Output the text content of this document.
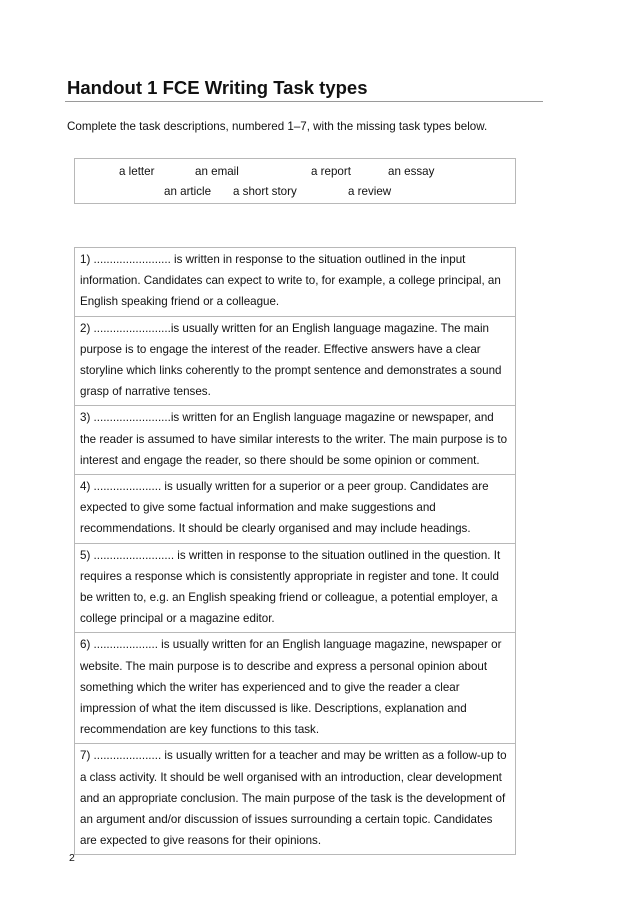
Handout 1 FCE Writing Task types

Complete the task descriptions, numbered 1–7, with the missing task types below.

a letter	an email	a report	an essay
an article a short story	a review
1) ........................ is written in response to the situation outlined in the input information. Candidates can expect to write to, for example, a college principal, an English speaking friend or a colleague.
2) ........................is usually written for an English language magazine. The main purpose is to engage the interest of the reader. Effective answers have a clear storyline which links coherently to the prompt sentence and demonstrates a sound grasp of narrative tenses.
3) ........................is written for an English language magazine or newspaper, and the reader is assumed to have similar interests to the writer. The main purpose is to interest and engage the reader, so there should be some opinion or comment.
4) ..................... is usually written for a superior or a peer group. Candidates are expected to give some factual information and make suggestions and recommendations. It should be clearly organised and may include headings.
5) ......................... is written in response to the situation outlined in the question. It requires a response which is consistently appropriate in register and tone. It could be written to, e.g. an English speaking friend or colleague, a potential employer, a college principal or a magazine editor.
6) .................... is usually written for an English language magazine, newspaper or website. The main purpose is to describe and express a personal opinion about something which the writer has experienced and to give the reader a clear impression of what the item discussed is like. Descriptions, explanation and recommendation are key functions to this task.
7) ..................... is usually written for a teacher and may be written as a follow-up to a class activity. It should be well organised with an introduction, clear development and an appropriate conclusion. The main purpose of the task is the development of an argument and/or discussion of issues surrounding a certain topic. Candidates are expected to give reasons for their opinions.
2
